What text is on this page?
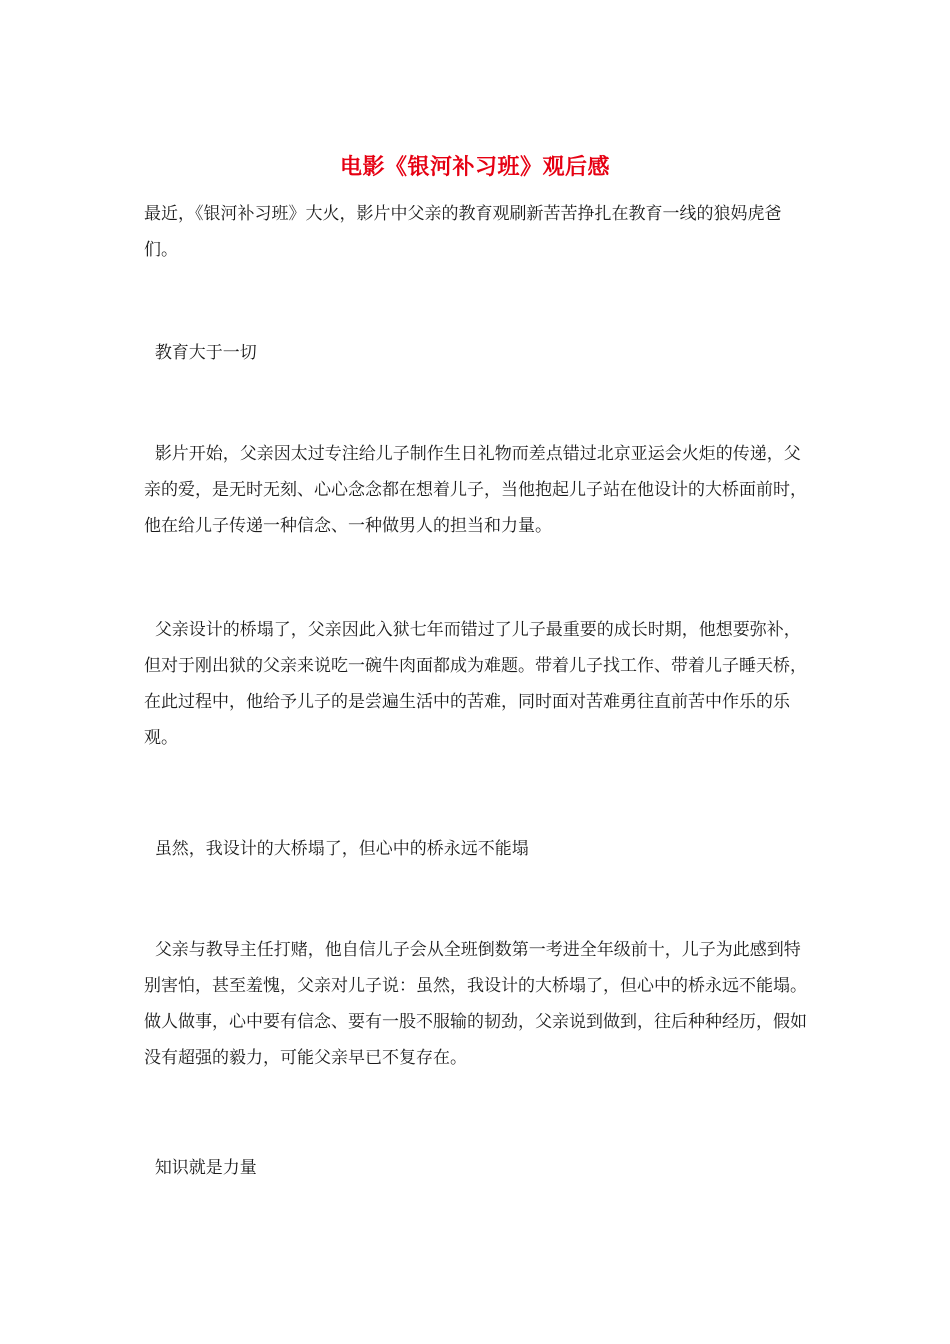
电影《银河补习班》观后感

最近，《银河补习班》大火，影片中父亲的教育观刷新苦苦挣扎在教育一线的狼妈虎爸们。

教育大于一切

影片开始，父亲因太过专注给儿子制作生日礼物而差点错过北京亚运会火炬的传递，父亲的爱，是无时无刻、心心念念都在想着儿子，当他抱起儿子站在他设计的大桥面前时，他在给儿子传递一种信念、一种做男人的担当和力量。

父亲设计的桥塌了，父亲因此入狱七年而错过了儿子最重要的成长时期，他想要弥补，但对于刚出狱的父亲来说吃一碗牛肉面都成为难题。带着儿子找工作、带着儿子睡天桥，在此过程中，他给予儿子的是尝遍生活中的苦难，同时面对苦难勇往直前苦中作乐的乐观。

虽然，我设计的大桥塌了，但心中的桥永远不能塌

父亲与教导主任打赌，他自信儿子会从全班倒数第一考进全年级前十，儿子为此感到特别害怕，甚至羞愧，父亲对儿子说：虽然，我设计的大桥塌了，但心中的桥永远不能塌。做人做事，心中要有信念、要有一股不服输的韧劲，父亲说到做到，往后种种经历，假如没有超强的毅力，可能父亲早已不复存在。

知识就是力量
